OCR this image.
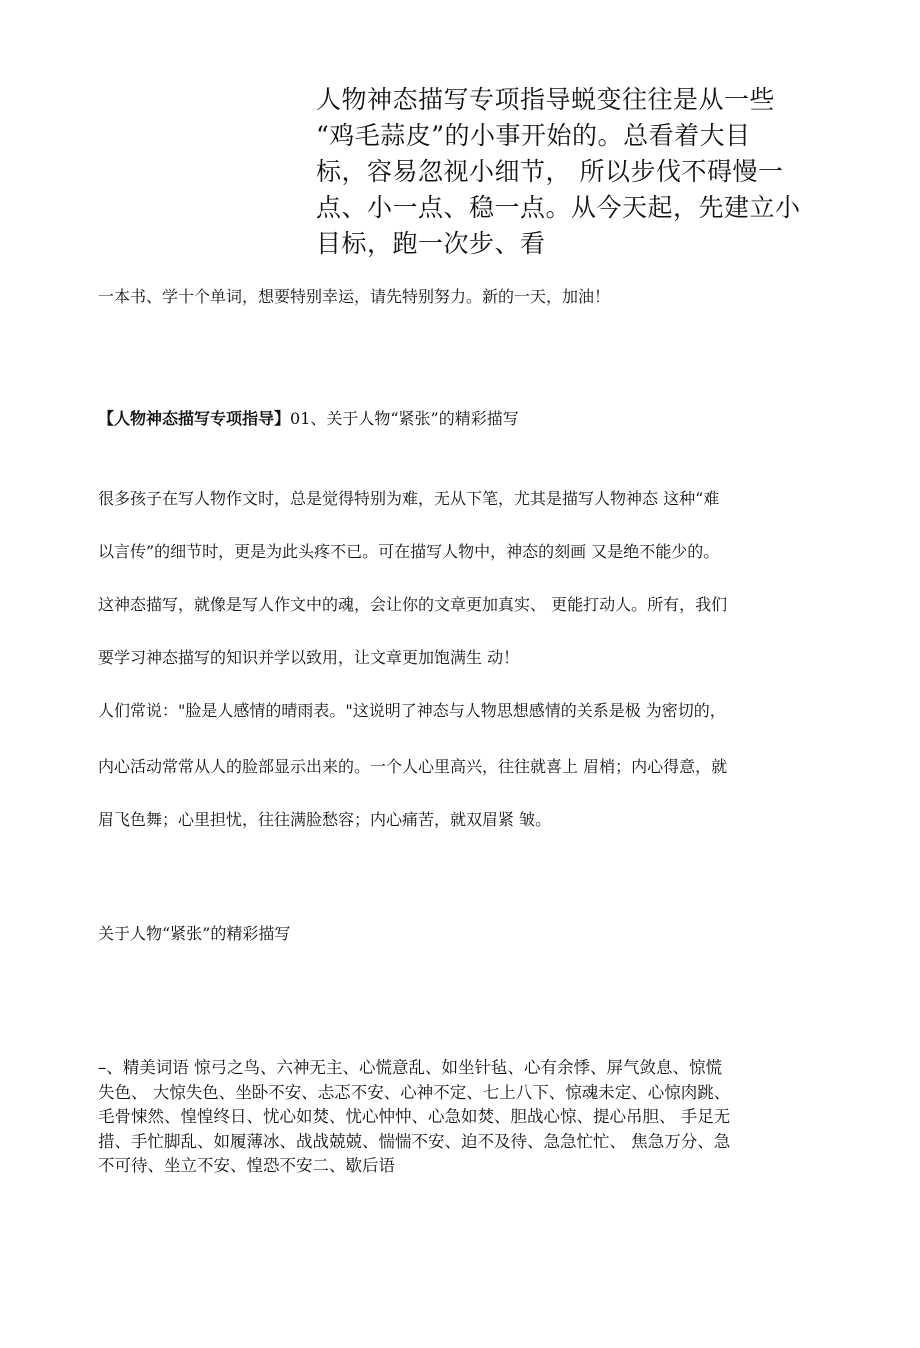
人物神态描写专项指导蜕变往往是从一些

“鸡毛蒜皮”的小事开始的。总看着大目

标，容易忽视小细节， 所以步伐不碍慢一

点、小一点、稳一点。从今天起，先建立小

目标，跑一次步、看

一本书、学十个单词，想要特别幸运，请先特别努力。新的一天，加油！
【人物神态描写专项指导】01、关于人物“紧张”的精彩描写
很多孩子在写人物作文时，总是觉得特别为难，无从下笔，尤其是描写人物神态 这种“难
以言传”的细节时，更是为此头疼不已。可在描写人物中，神态的刻画 又是绝不能少的。
这神态描写，就像是写人作文中的魂，会让你的文章更加真实、 更能打动人。所有，我们
要学习神态描写的知识并学以致用，让文章更加饱满生 动！
人们常说："脸是人感情的晴雨表。"这说明了神态与人物思想感情的关系是极 为密切的，
内心活动常常从人的脸部显示出来的。一个人心里高兴，往往就喜上 眉梢；内心得意，就
眉飞色舞；心里担忧，往往满脸愁容；内心痛苦，就双眉紧 皱。
关于人物“紧张”的精彩描写

–、精美词语 惊弓之鸟、六神无主、心慌意乱、如坐针毡、心有余悸、屏气敛息、惊慌

失色、 大惊失色、坐卧不安、忐忑不安、心神不定、七上八下、惊魂未定、心惊肉跳、

毛骨悚然、惶惶终日、忧心如焚、忧心忡忡、心急如焚、胆战心惊、提心吊胆、 手足无

措、手忙脚乱、如履薄冰、战战兢兢、惴惴不安、迫不及待、急急忙忙、 焦急万分、急

不可待、坐立不安、惶恐不安二、歇后语
